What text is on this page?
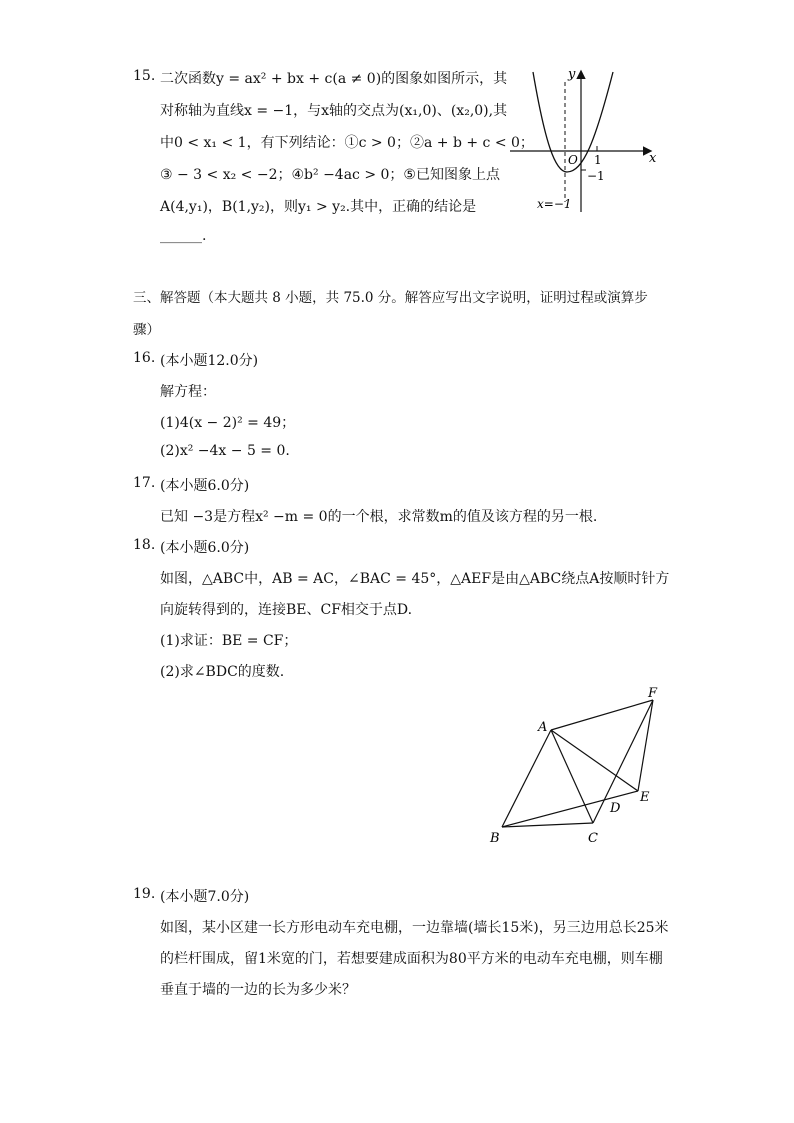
15. 二次函数y = ax² + bx + c(a ≠ 0)的图象如图所示，其
对称轴为直线x = −1，与x轴的交点为(x₁,0)、(x₂,0),其
中0 < x₁ < 1，有下列结论：①c > 0；②a + b + c < 0；
③ − 3 < x₂ < −2；④b² −4ac > 0；⑤已知图象上点
A(4,y₁)，B(1,y₂)，则y₁ > y₂.其中，正确的结论是
______.
y
x
O 1
−1
x=−1
三、解答题（本大题共 8 小题，共 75.0 分。解答应写出文字说明，证明过程或演算步
骤）
16. (本小题12.0分)
解方程：
(1)4(x − 2)² = 49；
(2)x² −4x − 5 = 0.
17. (本小题6.0分)
已知 −3是方程x² −m = 0的一个根，求常数m的值及该方程的另一根.
18. (本小题6.0分)
如图，△ABC中，AB = AC，∠BAC = 45°，△AEF是由△ABC绕点A按顺时针方
向旋转得到的，连接BE、CF相交于点D.
(1)求证：BE = CF；
(2)求∠BDC的度数.
A
B	C
D
E
F
19. (本小题7.0分)
如图，某小区建一长方形电动车充电棚，一边靠墙(墙长15米)，另三边用总长25米
的栏杆围成，留1米宽的门，若想要建成面积为80平方米的电动车充电棚，则车棚
垂直于墙的一边的长为多少米？
